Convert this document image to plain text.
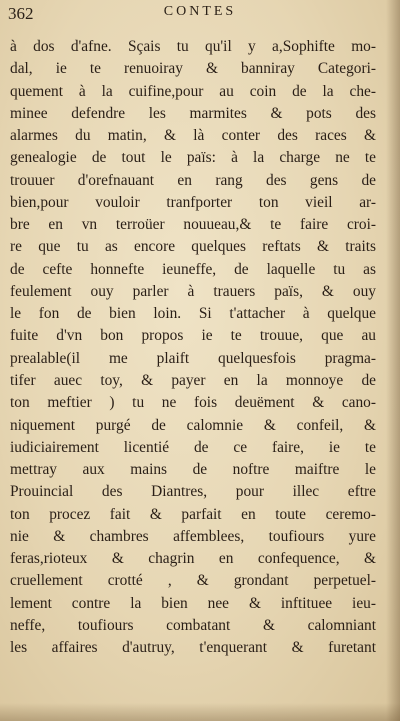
362	CONTES
à dos d'afne. Sçais tu qu'il y a,Sophifte mo-
dal, ie te renuoiray & banniray Categori-
quement à la cuifine,pour au coin de la che-
minee defendre les marmites & pots des
alarmes du matin, & là conter des races &
genealogie de tout le païs: à la charge ne te
trouuer d'orefnauant en rang des gens de
bien,pour vouloir tranfporter ton vieil ar-
bre en vn terroüer nouueau,& te faire croi-
re que tu as encore quelques reftats & traits
de cefte honnefte ieuneffe, de laquelle tu as
feulement ouy parler à trauers païs, & ouy
le fon de bien loin. Si t'attacher à quelque
fuite d'vn bon propos ie te trouue, que au
prealable(il me plaift quelquesfois pragma-
tifer auec toy, & payer en la monnoye de
ton meftier ) tu ne fois deuëment & cano-
niquement purgé de calomnie & confeil, &
iudiciairement licentié de ce faire, ie te
mettray aux mains de noftre maiftre le
Prouincial des Diantres, pour illec eftre
ton procez fait & parfait en toute ceremo-
nie & chambres affemblees, toufiours yure
feras,rioteux & chagrin en confequence, &
cruellement crotté , & grondant perpetuel-
lement contre la bien nee & inftituee ieu-
neffe, toufiours combatant & calomniant
les affaires d'autruy, t'enquerant & furetant
